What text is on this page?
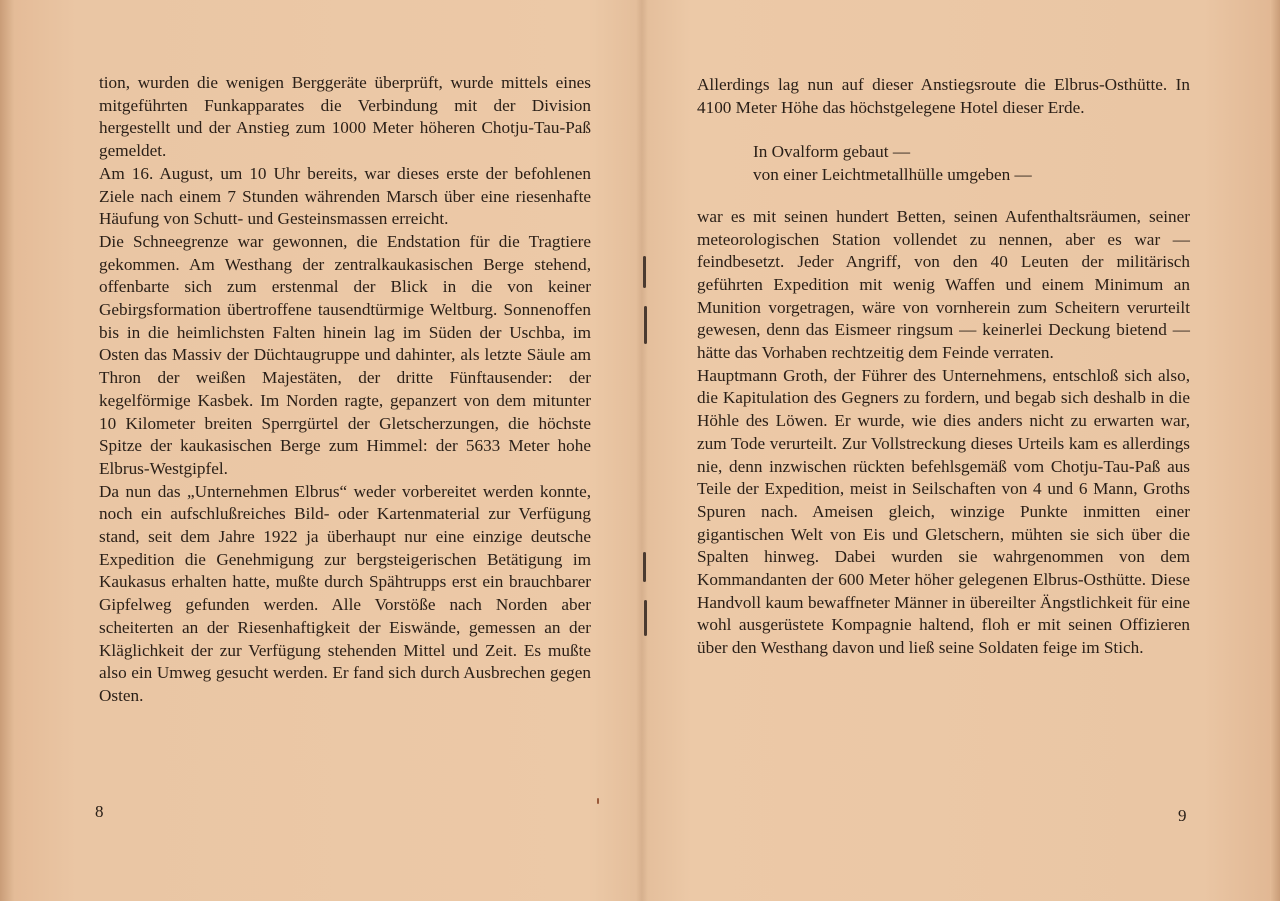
tion, wurden die wenigen Berggeräte überprüft, wurde mittels eines mitgeführten Funkapparates die Verbindung mit der Division hergestellt und der Anstieg zum 1000 Meter höheren Chotju-Tau-Paß gemeldet.

Am 16. August, um 10 Uhr bereits, war dieses erste der befohlenen Ziele nach einem 7 Stunden währenden Marsch über eine riesenhafte Häufung von Schutt- und Gesteinsmassen erreicht.

Die Schneegrenze war gewonnen, die Endstation für die Tragtiere gekommen. Am Westhang der zentralkaukasischen Berge stehend, offenbarte sich zum erstenmal der Blick in die von keiner Gebirgsformation übertroffene tausendtürmige Weltburg. Sonnenoffen bis in die heimlichsten Falten hinein lag im Süden der Uschba, im Osten das Massiv der Düchtaugruppe und dahinter, als letzte Säule am Thron der weißen Majestäten, der dritte Fünftausender: der kegelförmige Kasbek. Im Norden ragte, gepanzert von dem mitunter 10 Kilometer breiten Sperrgürtel der Gletscherzungen, die höchste Spitze der kaukasischen Berge zum Himmel: der 5633 Meter hohe Elbrus-Westgipfel.

Da nun das „Unternehmen Elbrus“ weder vorbereitet werden konnte, noch ein aufschlußreiches Bild- oder Kartenmaterial zur Verfügung stand, seit dem Jahre 1922 ja überhaupt nur eine einzige deutsche Expedition die Genehmigung zur bergsteigerischen Betätigung im Kaukasus erhalten hatte, mußte durch Spähtrupps erst ein brauchbarer Gipfelweg gefunden werden. Alle Vorstöße nach Norden aber scheiterten an der Riesenhaftigkeit der Eiswände, gemessen an der Kläglichkeit der zur Verfügung stehenden Mittel und Zeit. Es mußte also ein Umweg gesucht werden. Er fand sich durch Ausbrechen gegen Osten.

8

Allerdings lag nun auf dieser Anstiegsroute die Elbrus-Osthütte. In 4100 Meter Höhe das höchstgelegene Hotel dieser Erde.

In Ovalform gebaut —
von einer Leichtmetallhülle umgeben —

war es mit seinen hundert Betten, seinen Aufenthaltsräumen, seiner meteorologischen Station vollendet zu nennen, aber es war — feindbesetzt. Jeder Angriff, von den 40 Leuten der militärisch geführten Expedition mit wenig Waffen und einem Minimum an Munition vorgetragen, wäre von vornherein zum Scheitern verurteilt gewesen, denn das Eismeer ringsum — keinerlei Deckung bietend — hätte das Vorhaben rechtzeitig dem Feinde verraten.

Hauptmann Groth, der Führer des Unternehmens, entschloß sich also, die Kapitulation des Gegners zu fordern, und begab sich deshalb in die Höhle des Löwen. Er wurde, wie dies anders nicht zu erwarten war, zum Tode verurteilt. Zur Vollstreckung dieses Urteils kam es allerdings nie, denn inzwischen rückten befehlsgemäß vom Chotju-Tau-Paß aus Teile der Expedition, meist in Seilschaften von 4 und 6 Mann, Groths Spuren nach. Ameisen gleich, winzige Punkte inmitten einer gigantischen Welt von Eis und Gletschern, mühten sie sich über die Spalten hinweg. Dabei wurden sie wahrgenommen von dem Kommandanten der 600 Meter höher gelegenen Elbrus-Osthütte. Diese Handvoll kaum bewaffneter Männer in übereilter Ängstlichkeit für eine wohl ausgerüstete Kompagnie haltend, floh er mit seinen Offizieren über den Westhang davon und ließ seine Soldaten feige im Stich.

9
